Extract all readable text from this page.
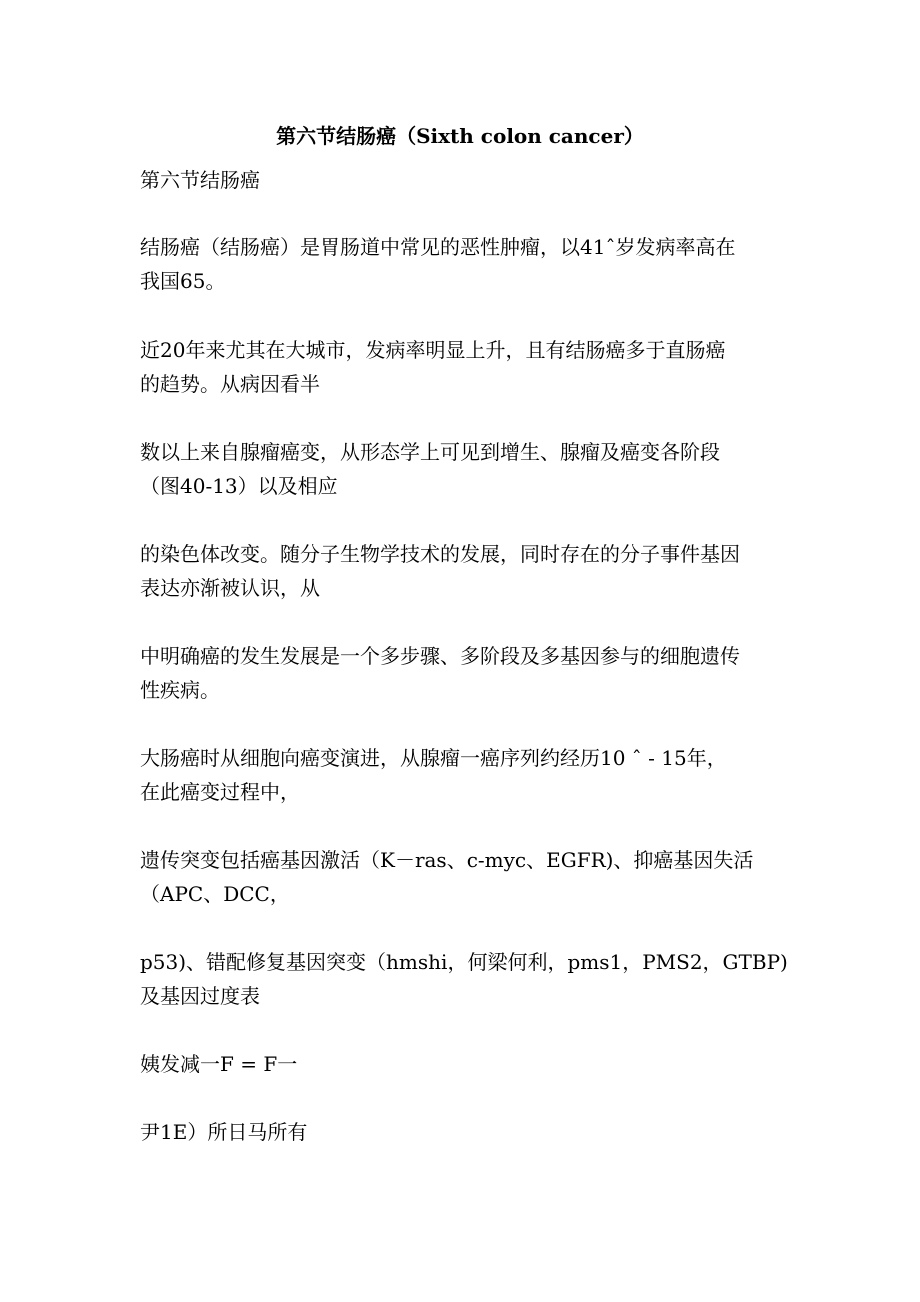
第六节结肠癌（Sixth colon cancer）

第六节结肠癌

结肠癌（结肠癌）是胃肠道中常见的恶性肿瘤，以41ˆ岁发病率高在
我国65。

近20年来尤其在大城市，发病率明显上升，且有结肠癌多于直肠癌
的趋势。从病因看半

数以上来自腺瘤癌变，从形态学上可见到增生、腺瘤及癌变各阶段
（图40-13）以及相应

的染色体改变。随分子生物学技术的发展，同时存在的分子事件基因
表达亦渐被认识，从

中明确癌的发生发展是一个多步骤、多阶段及多基因参与的细胞遗传
性疾病。

大肠癌时从细胞向癌变演进，从腺瘤一癌序列约经历10 ˆ - 15年，
在此癌变过程中，

遗传突变包括癌基因激活（K－ras、c-myc、EGFR)、抑癌基因失活
（APC、DCC，

p53)、错配修复基因突变（hmshi，何梁何利，pms1，PMS2，GTBP)
及基因过度表

姨发减一F = F一

尹1E）所日马所有
